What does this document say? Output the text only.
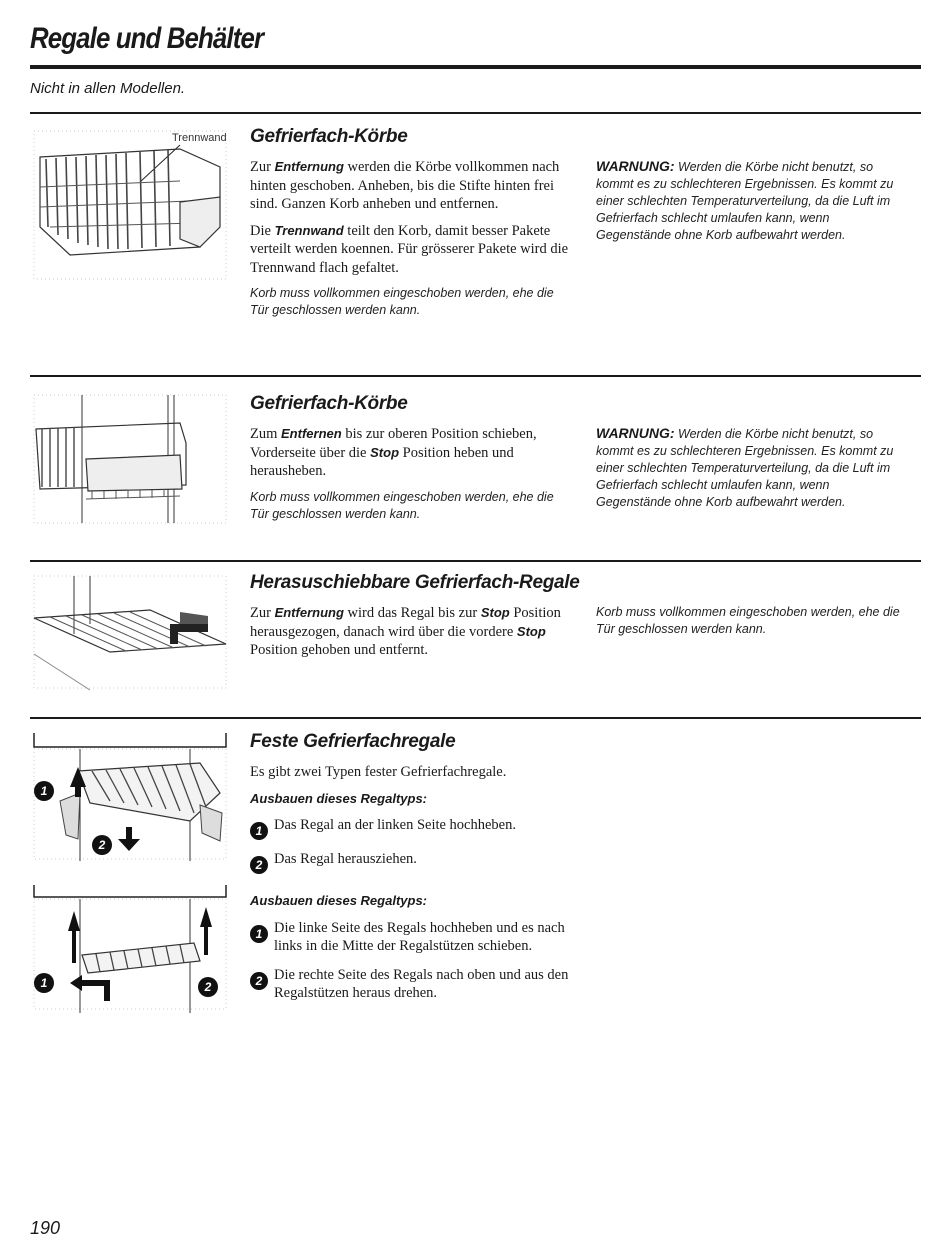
Regale und Behälter
Nicht in allen Modellen.
Trennwand Gefrierfach-Körbe

Zur Entfernung werden die Körbe vollkommen nach hinten geschoben. Anheben, bis die Stifte hinten frei sind. Ganzen Korb anheben und entfernen.

Die Trennwand teilt den Korb, damit besser Pakete verteilt werden koennen. Für grösserer Pakete wird die Trennwand flach gefaltet.

Korb muss vollkommen eingeschoben werden, ehe die Tür geschlossen werden kann.

WARNUNG: Werden die Körbe nicht benutzt, so kommt es zu schlechteren Ergebnissen. Es kommt zu einer schlechten Temperaturverteilung, da die Luft im Gefrierfach schlecht umlaufen kann, wenn Gegenstände ohne Korb aufbewahrt werden.
Gefrierfach-Körbe

Zum Entfernen bis zur oberen Position schieben, Vorderseite über die Stop Position heben und herausheben.

Korb muss vollkommen eingeschoben werden, ehe die Tür geschlossen werden kann.

WARNUNG: Werden die Körbe nicht benutzt, so kommt es zu schlechteren Ergebnissen. Es kommt zu einer schlechten Temperaturverteilung, da die Luft im Gefrierfach schlecht umlaufen kann, wenn Gegenstände ohne Korb aufbewahrt werden.
Herasuschiebbare Gefrierfach-Regale

Zur Entfernung wird das Regal bis zur Stop Position herausgezogen, danach wird über die vordere Stop Position gehoben und entfernt.

Korb muss vollkommen eingeschoben werden, ehe die Tür geschlossen werden kann.
1
2
1	2
Feste Gefrierfachregale

Es gibt zwei Typen fester Gefrierfachregale.

Ausbauen dieses Regaltyps:
1 Das Regal an der linken Seite hochheben.
2 Das Regal herausziehen.
Ausbauen dieses Regaltyps:
1 Die linke Seite des Regals hochheben und es nach links in die Mitte der Regalstützen schieben.
2 Die rechte Seite des Regals nach oben und aus den Regalstützen heraus drehen.
190
